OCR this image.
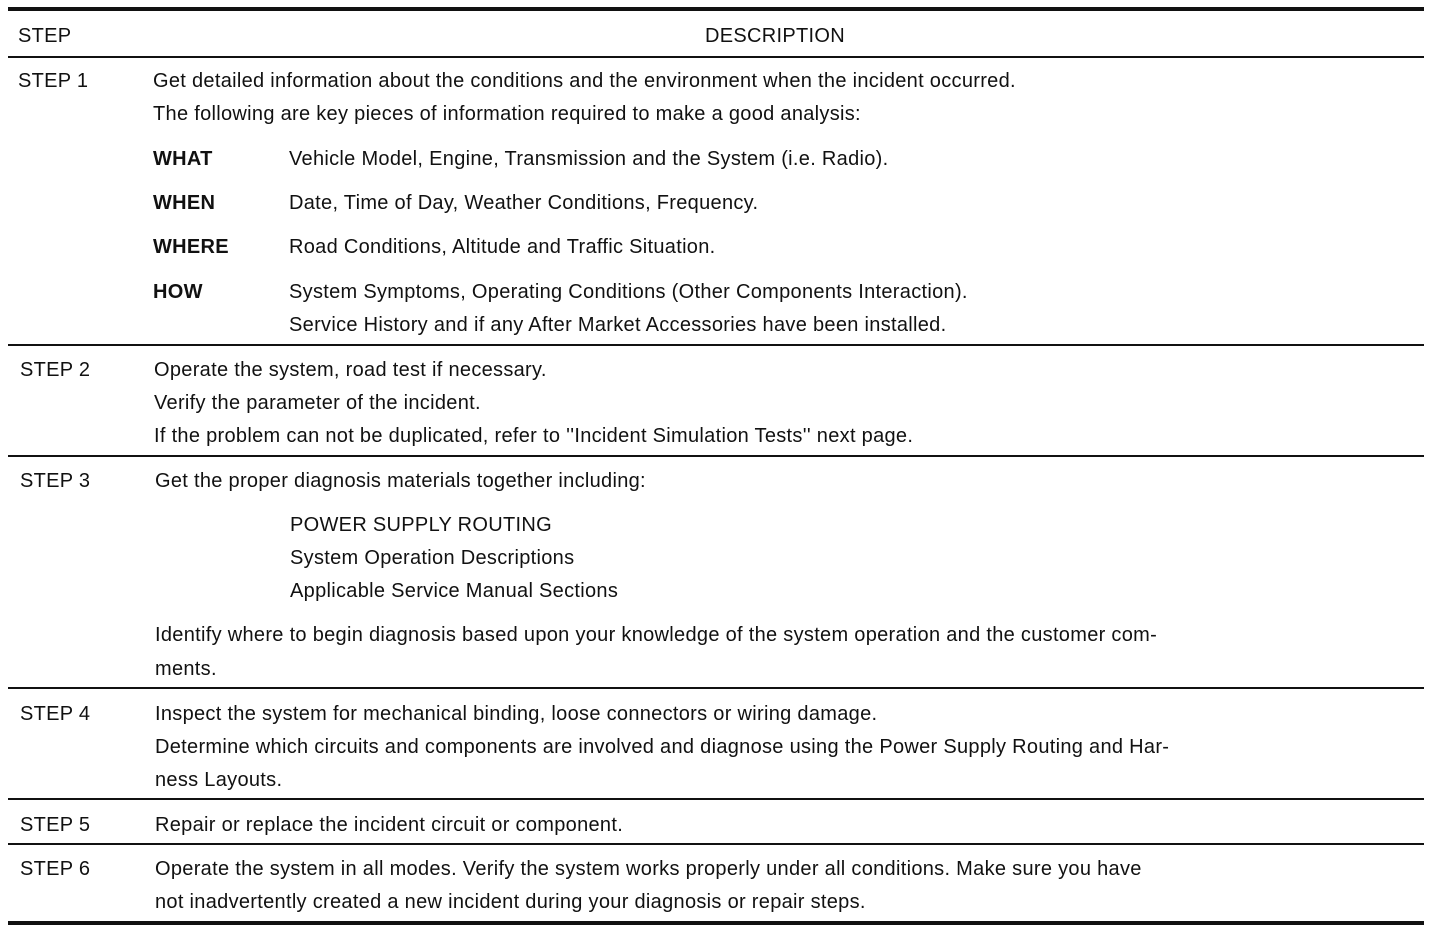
STEP	DESCRIPTION
STEP 1	Get detailed information about the conditions and the environment when the incident occurred.
The following are key pieces of information required to make a good analysis:
WHAT	Vehicle Model, Engine, Transmission and the System (i.e. Radio).
WHEN	Date, Time of Day, Weather Conditions, Frequency.
WHERE	Road Conditions, Altitude and Traffic Situation.
HOW	System Symptoms, Operating Conditions (Other Components Interaction).
Service History and if any After Market Accessories have been installed.
STEP 2	Operate the system, road test if necessary.
Verify the parameter of the incident.
If the problem can not be duplicated, refer to ''Incident Simulation Tests'' next page.
STEP 3	Get the proper diagnosis materials together including:
POWER SUPPLY ROUTING
System Operation Descriptions
Applicable Service Manual Sections
Identify where to begin diagnosis based upon your knowledge of the system operation and the customer com-
ments.
STEP 4	Inspect the system for mechanical binding, loose connectors or wiring damage.
Determine which circuits and components are involved and diagnose using the Power Supply Routing and Har-
ness Layouts.
STEP 5	Repair or replace the incident circuit or component.
STEP 6	Operate the system in all modes. Verify the system works properly under all conditions. Make sure you have
not inadvertently created a new incident during your diagnosis or repair steps.
